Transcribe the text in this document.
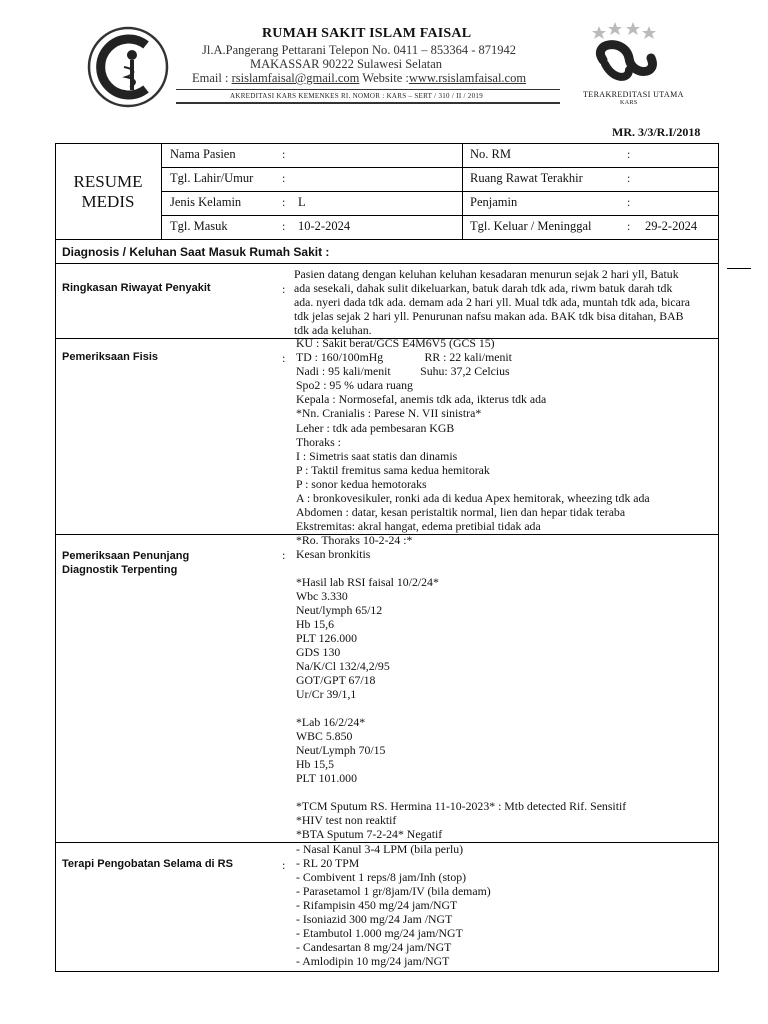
RUMAH SAKIT ISLAM FAISAL
Jl.A.Pangerang Pettarani Telepon No. 0411 – 853364 - 871942
MAKASSAR 90222 Sulawesi Selatan
Email : rsislamfaisal@gmail.com Website :www.rsislamfaisal.com
AKREDITASI KARS KEMENKES RI. NOMOR : KARS – SERT / 310 / II / 2019	TERAKREDITASI UTAMA
KARS
MR. 3/3/R.I/2018
RESUME
MEDIS
Nama Pasien	:	No. RM	:
Tgl. Lahir/Umur :	Ruang Rawat Terakhir	:
Jenis Kelamin	: L	Penjamin	:
Tgl. Masuk	: 10-2-2024	Tgl. Keluar / Meninggal	: 29-2-2024
Diagnosis / Keluhan Saat Masuk Rumah Sakit :
Ringkasan Riwayat Penyakit	:
Pasien datang dengan keluhan keluhan kesadaran menurun sejak 2 hari yll, Batuk
ada sesekali, dahak sulit dikeluarkan, batuk darah tdk ada, riwm batuk darah tdk
ada. nyeri dada tdk ada. demam ada 2 hari yll. Mual tdk ada, muntah tdk ada, bicara
tdk jelas sejak 2 hari yll. Penurunan nafsu makan ada. BAK tdk bisa ditahan, BAB
tdk ada keluhan.
Pemeriksaan Fisis	:
KU : Sakit berat/GCS E4M6V5 (GCS 15)
TD : 160/100mHg              RR : 22 kali/menit
Nadi : 95 kali/menit          Suhu: 37,2 Celcius
Spo2 : 95 % udara ruang
Kepala : Normosefal, anemis tdk ada, ikterus tdk ada
*Nn. Cranialis : Parese N. VII sinistra*
Leher : tdk ada pembesaran KGB
Thoraks :
I : Simetris saat statis dan dinamis
P : Taktil fremitus sama kedua hemitorak
P : sonor kedua hemotoraks
A : bronkovesikuler, ronki ada di kedua Apex hemitorak, wheezing tdk ada
Abdomen : datar, kesan peristaltik normal, lien dan hepar tidak teraba
Ekstremitas: akral hangat, edema pretibial tidak ada
Pemeriksaan Penunjang
Diagnostik Terpenting
:
*Ro. Thoraks 10-2-24 :*
Kesan bronkitis

*Hasil lab RSI faisal 10/2/24*
Wbc 3.330
Neut/lymph 65/12
Hb 15,6
PLT 126.000
GDS 130
Na/K/Cl 132/4,2/95
GOT/GPT 67/18
Ur/Cr 39/1,1

*Lab 16/2/24*
WBC 5.850
Neut/Lymph 70/15
Hb 15,5
PLT 101.000

*TCM Sputum RS. Hermina 11-10-2023* : Mtb detected Rif. Sensitif
*HIV test non reaktif
*BTA Sputum 7-2-24* Negatif
Terapi Pengobatan Selama di RS	:
- Nasal Kanul 3-4 LPM (bila perlu)
- RL 20 TPM
- Combivent 1 reps/8 jam/Inh (stop)
- Parasetamol 1 gr/8jam/IV (bila demam)
- Rifampisin 450 mg/24 jam/NGT
- Isoniazid 300 mg/24 Jam /NGT
- Etambutol 1.000 mg/24 jam/NGT
- Candesartan 8 mg/24 jam/NGT
- Amlodipin 10 mg/24 jam/NGT
